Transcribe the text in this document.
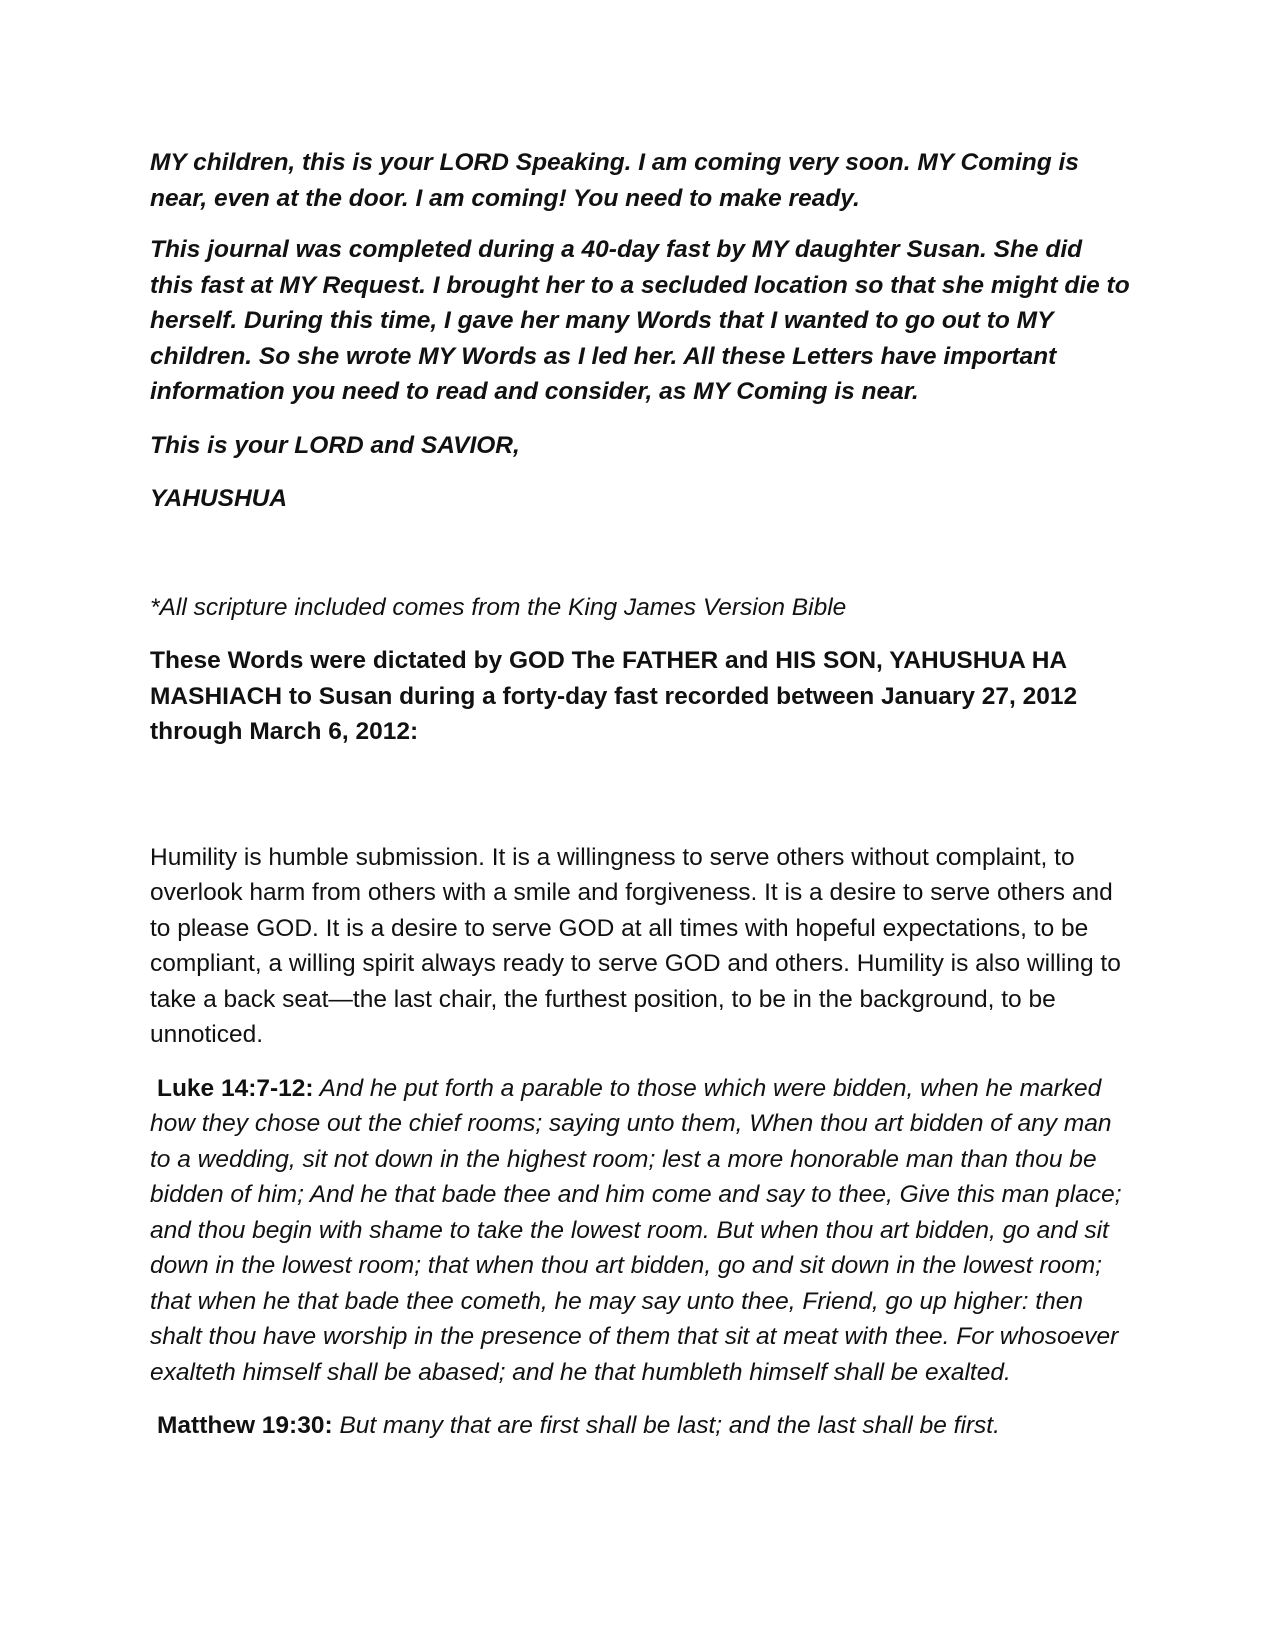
MY children, this is your LORD Speaking. I am coming very soon. MY Coming is near, even at the door. I am coming! You need to make ready.

This journal was completed during a 40-day fast by MY daughter Susan. She did this fast at MY Request. I brought her to a secluded location so that she might die to herself. During this time, I gave her many Words that I wanted to go out to MY children. So she wrote MY Words as I led her. All these Letters have important information you need to read and consider, as MY Coming is near.

This is your LORD and SAVIOR,

YAHUSHUA

*All scripture included comes from the King James Version Bible

These Words were dictated by GOD The FATHER and HIS SON, YAHUSHUA HA MASHIACH to Susan during a forty-day fast recorded between January 27, 2012 through March 6, 2012:

Humility is humble submission. It is a willingness to serve others without complaint, to overlook harm from others with a smile and forgiveness. It is a desire to serve others and to please GOD. It is a desire to serve GOD at all times with hopeful expectations, to be compliant, a willing spirit always ready to serve GOD and others. Humility is also willing to take a back seat—the last chair, the furthest position, to be in the background, to be unnoticed.

Luke 14:7-12: And he put forth a parable to those which were bidden, when he marked how they chose out the chief rooms; saying unto them, When thou art bidden of any man to a wedding, sit not down in the highest room; lest a more honorable man than thou be bidden of him; And he that bade thee and him come and say to thee, Give this man place; and thou begin with shame to take the lowest room. But when thou art bidden, go and sit down in the lowest room; that when thou art bidden, go and sit down in the lowest room; that when he that bade thee cometh, he may say unto thee, Friend, go up higher: then shalt thou have worship in the presence of them that sit at meat with thee. For whosoever exalteth himself shall be abased; and he that humbleth himself shall be exalted.

Matthew 19:30: But many that are first shall be last; and the last shall be first.
